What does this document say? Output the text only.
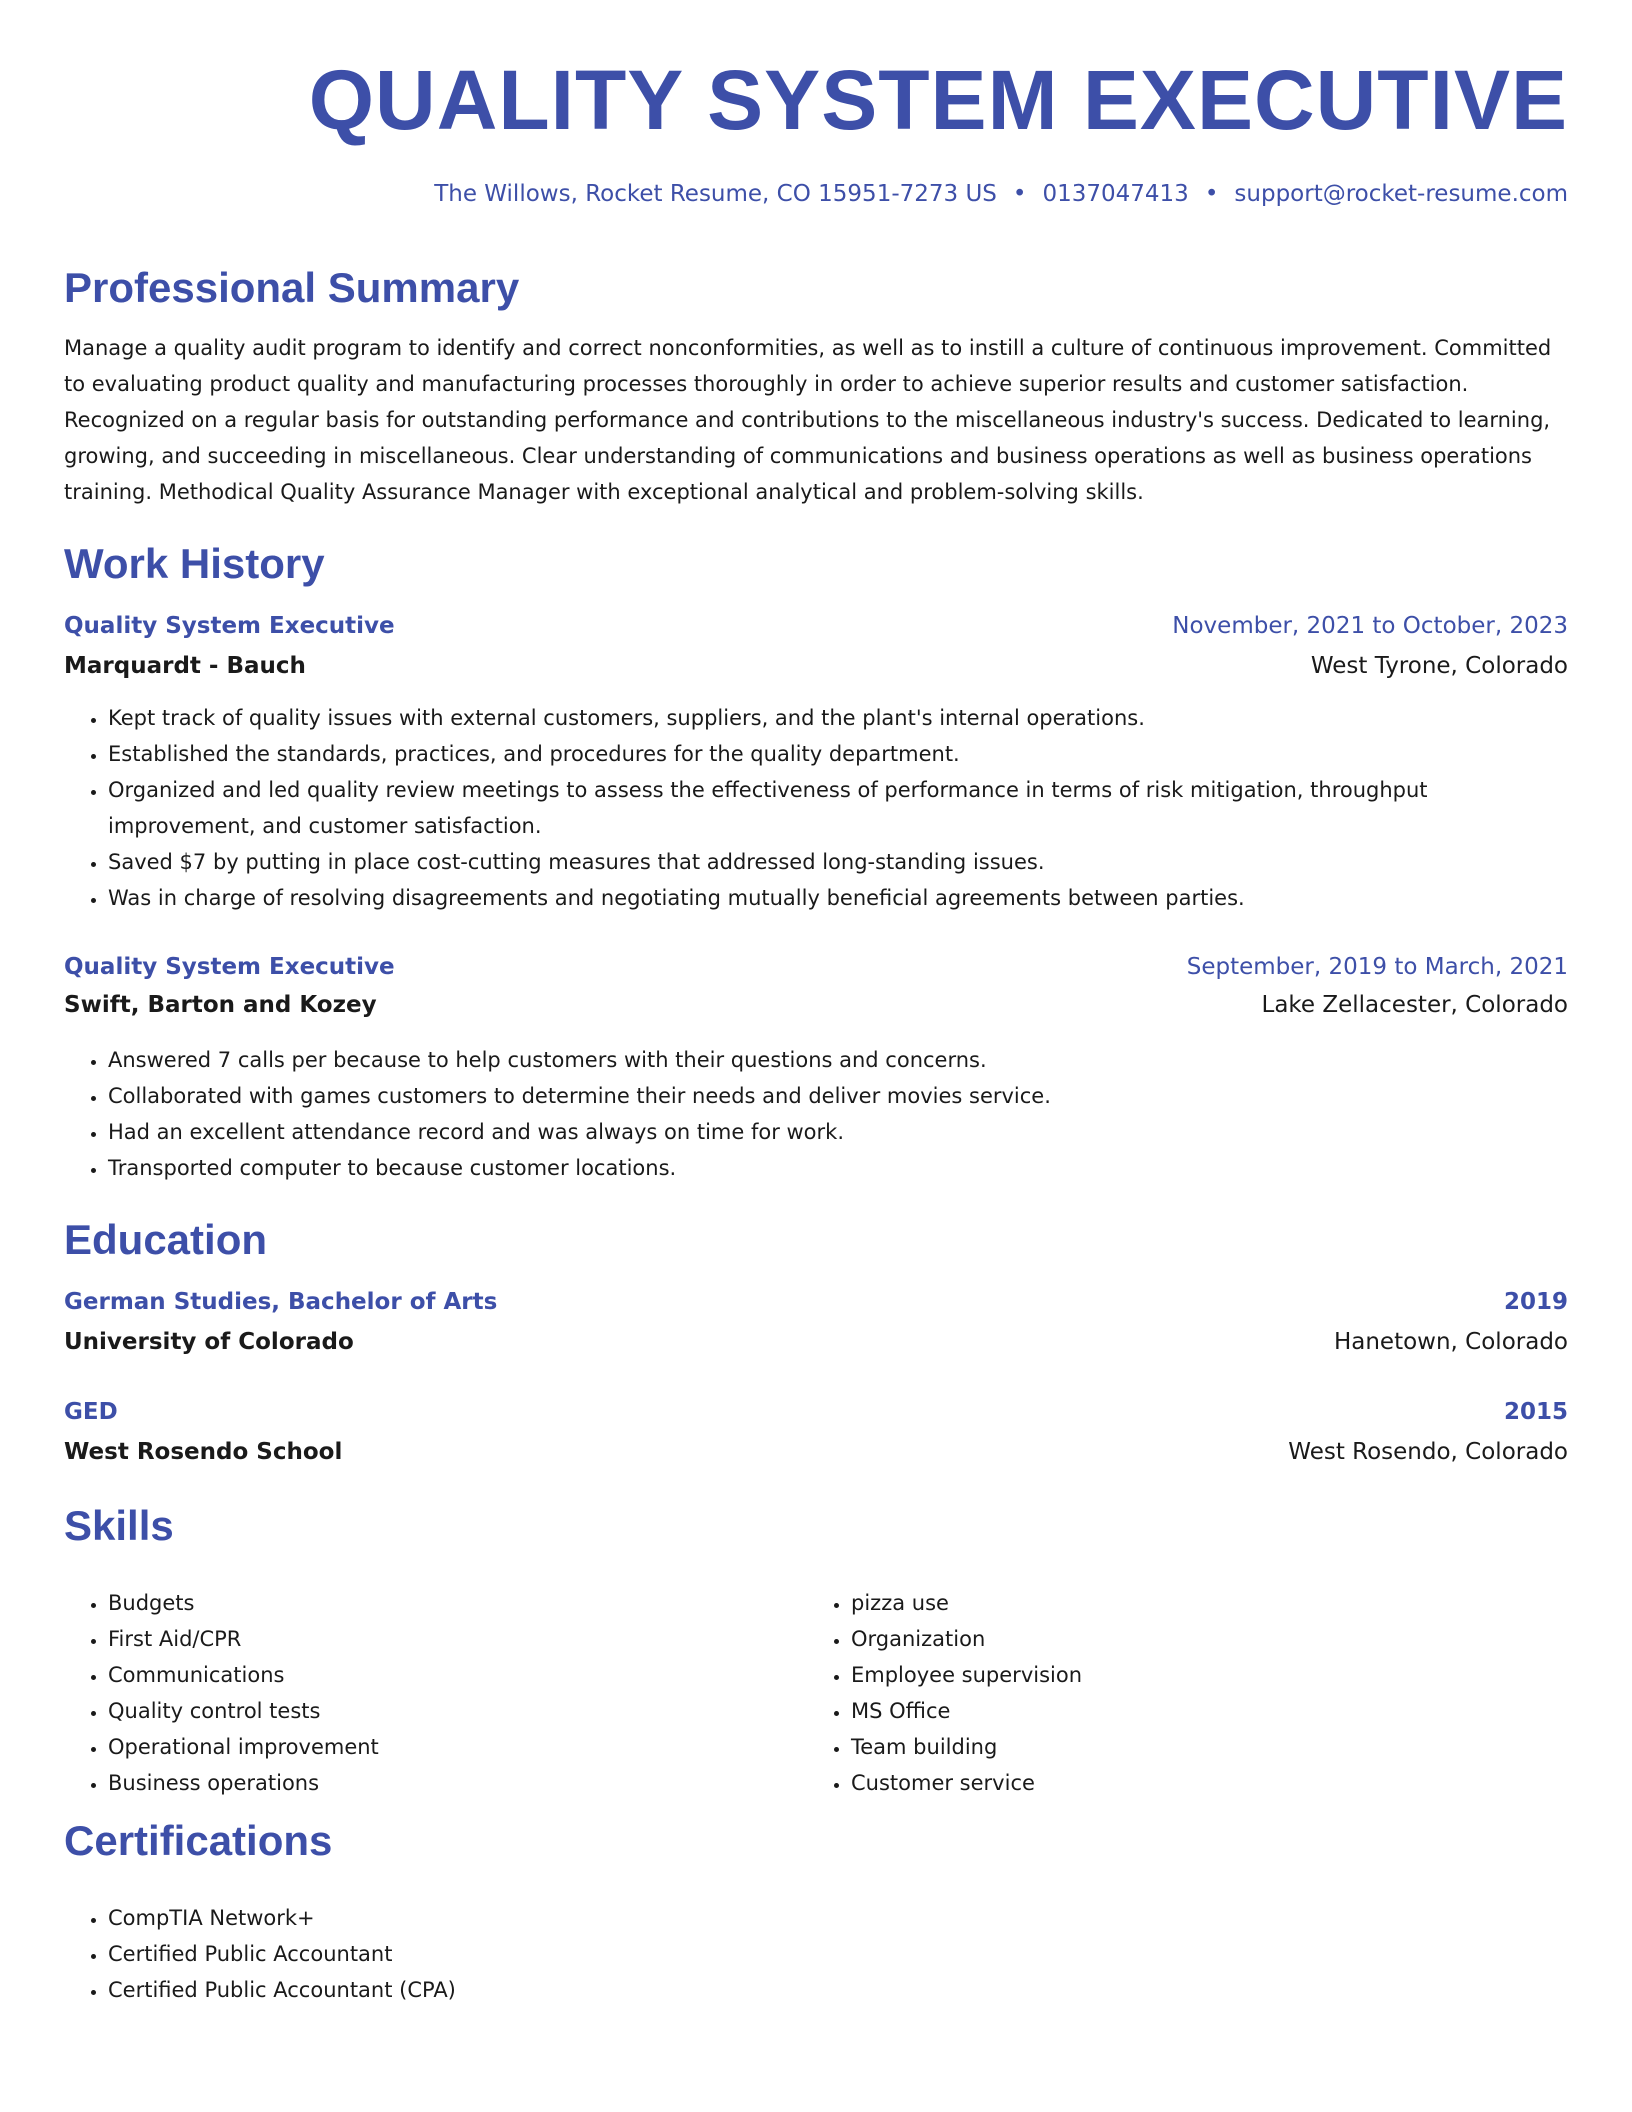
QUALITY SYSTEM EXECUTIVE
The Willows, Rocket Resume, CO 15951-7273 US • 0137047413 • support@rocket-resume.com
Professional Summary

Manage a quality audit program to identify and correct nonconformities, as well as to instill a culture of continuous improvement. Committed to evaluating product quality and manufacturing processes thoroughly in order to achieve superior results and customer satisfaction. Recognized on a regular basis for outstanding performance and contributions to the miscellaneous industry's success. Dedicated to learning, growing, and succeeding in miscellaneous. Clear understanding of communications and business operations as well as business operations training. Methodical Quality Assurance Manager with exceptional analytical and problem-solving skills.

Work History
Quality System Executive	November, 2021 to October, 2023
Marquardt - Bauch	West Tyrone, Colorado
• Kept track of quality issues with external customers, suppliers, and the plant's internal operations.
• Established the standards, practices, and procedures for the quality department.
• Organized and led quality review meetings to assess the effectiveness of performance in terms of risk mitigation, throughput improvement, and customer satisfaction.
• Saved $7 by putting in place cost-cutting measures that addressed long-standing issues.
• Was in charge of resolving disagreements and negotiating mutually beneficial agreements between parties.
Quality System Executive	September, 2019 to March, 2021
Swift, Barton and Kozey	Lake Zellacester, Colorado
• Answered 7 calls per because to help customers with their questions and concerns.
• Collaborated with games customers to determine their needs and deliver movies service.
• Had an excellent attendance record and was always on time for work.
• Transported computer to because customer locations.
Education
German Studies, Bachelor of Arts	2019
University of Colorado	Hanetown, Colorado
GED	2015
West Rosendo School	West Rosendo, Colorado
Skills
• Budgets
• First Aid/CPR
• Communications
• Quality control tests
• Operational improvement
• Business operations
• pizza use
• Organization
• Employee supervision
• MS Office
• Team building
• Customer service
Certifications
• CompTIA Network+
• Certified Public Accountant
• Certified Public Accountant (CPA)
